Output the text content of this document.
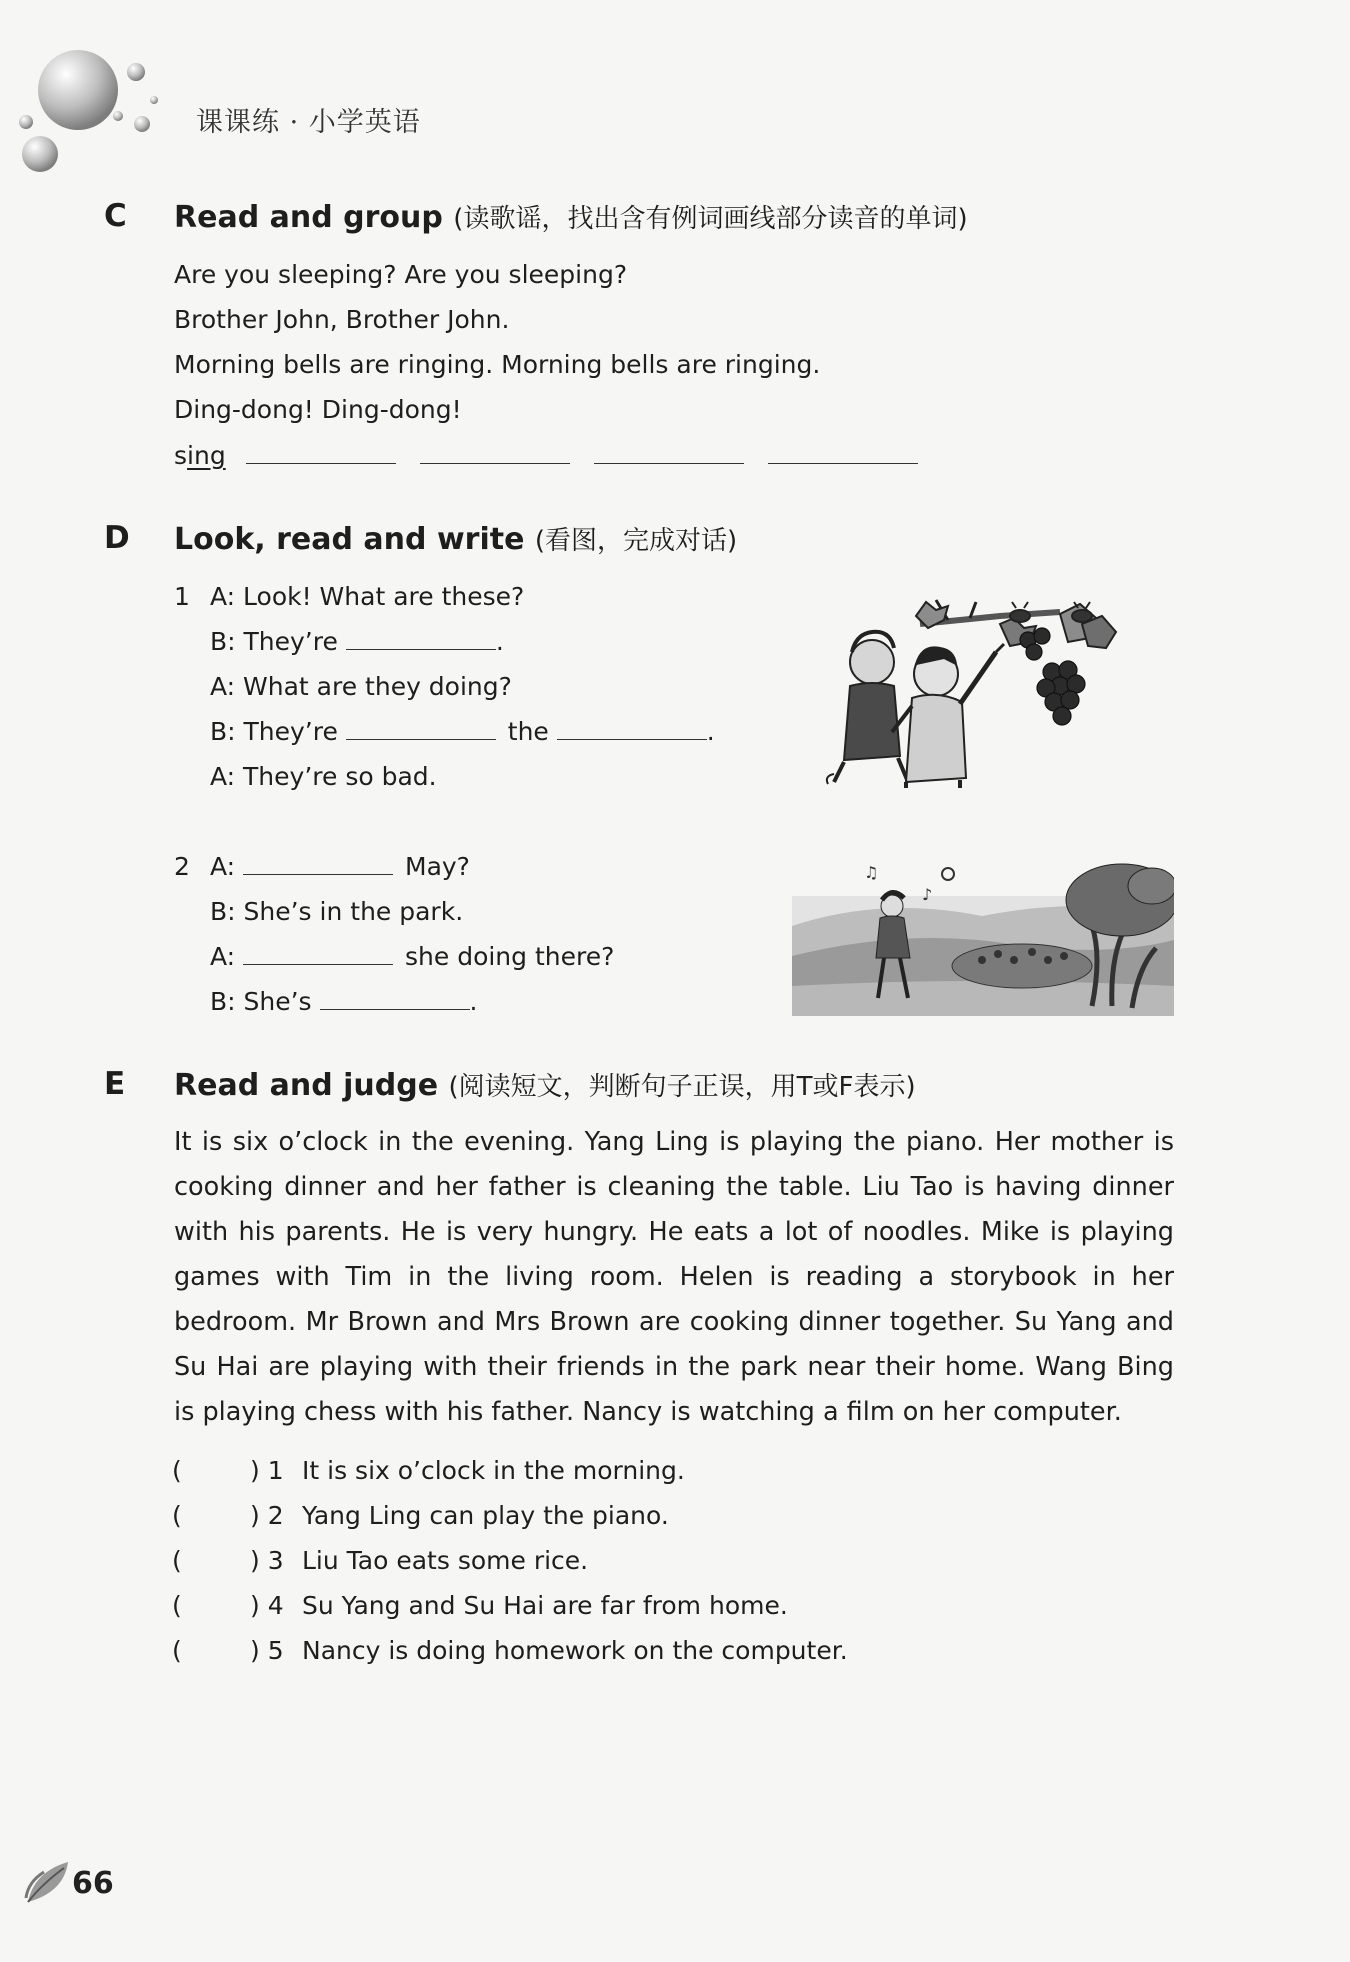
课课练 · 小学英语
C Read and group (读歌谣，找出含有例词画线部分读音的单词)
Are you sleeping? Are you sleeping?
Brother John, Brother John.
Morning bells are ringing. Morning bells are ringing.
Ding-dong! Ding-dong!
sing
D Look, read and write (看图，完成对话)
1 A: Look! What are these?
B: They’re	.
A: What are they doing?
B: They’re	the	.
A: They’re so bad.
2 A:	May?
B: She’s in the park.
A:	she doing there?
B: She’s	.
♫
♪
E Read and judge (阅读短文，判断句子正误，用T或F表示)
It is six o’clock in the evening. Yang Ling is playing the piano. Her mother is cooking dinner and her father is cleaning the table. Liu Tao is having dinner with his parents. He is very hungry. He eats a lot of noodles. Mike is playing games with Tim in the living room. Helen is reading a storybook in her bedroom. Mr Brown and Mrs Brown are cooking dinner together. Su Yang and Su Hai are playing with their friends in the park near their home. Wang Bing is playing chess with his father. Nancy is watching a film on her computer.
(	) 1 It is six o’clock in the morning.
(	) 2 Yang Ling can play the piano.
(	) 3 Liu Tao eats some rice.
(	) 4 Su Yang and Su Hai are far from home.
(	) 5 Nancy is doing homework on the computer.
66
